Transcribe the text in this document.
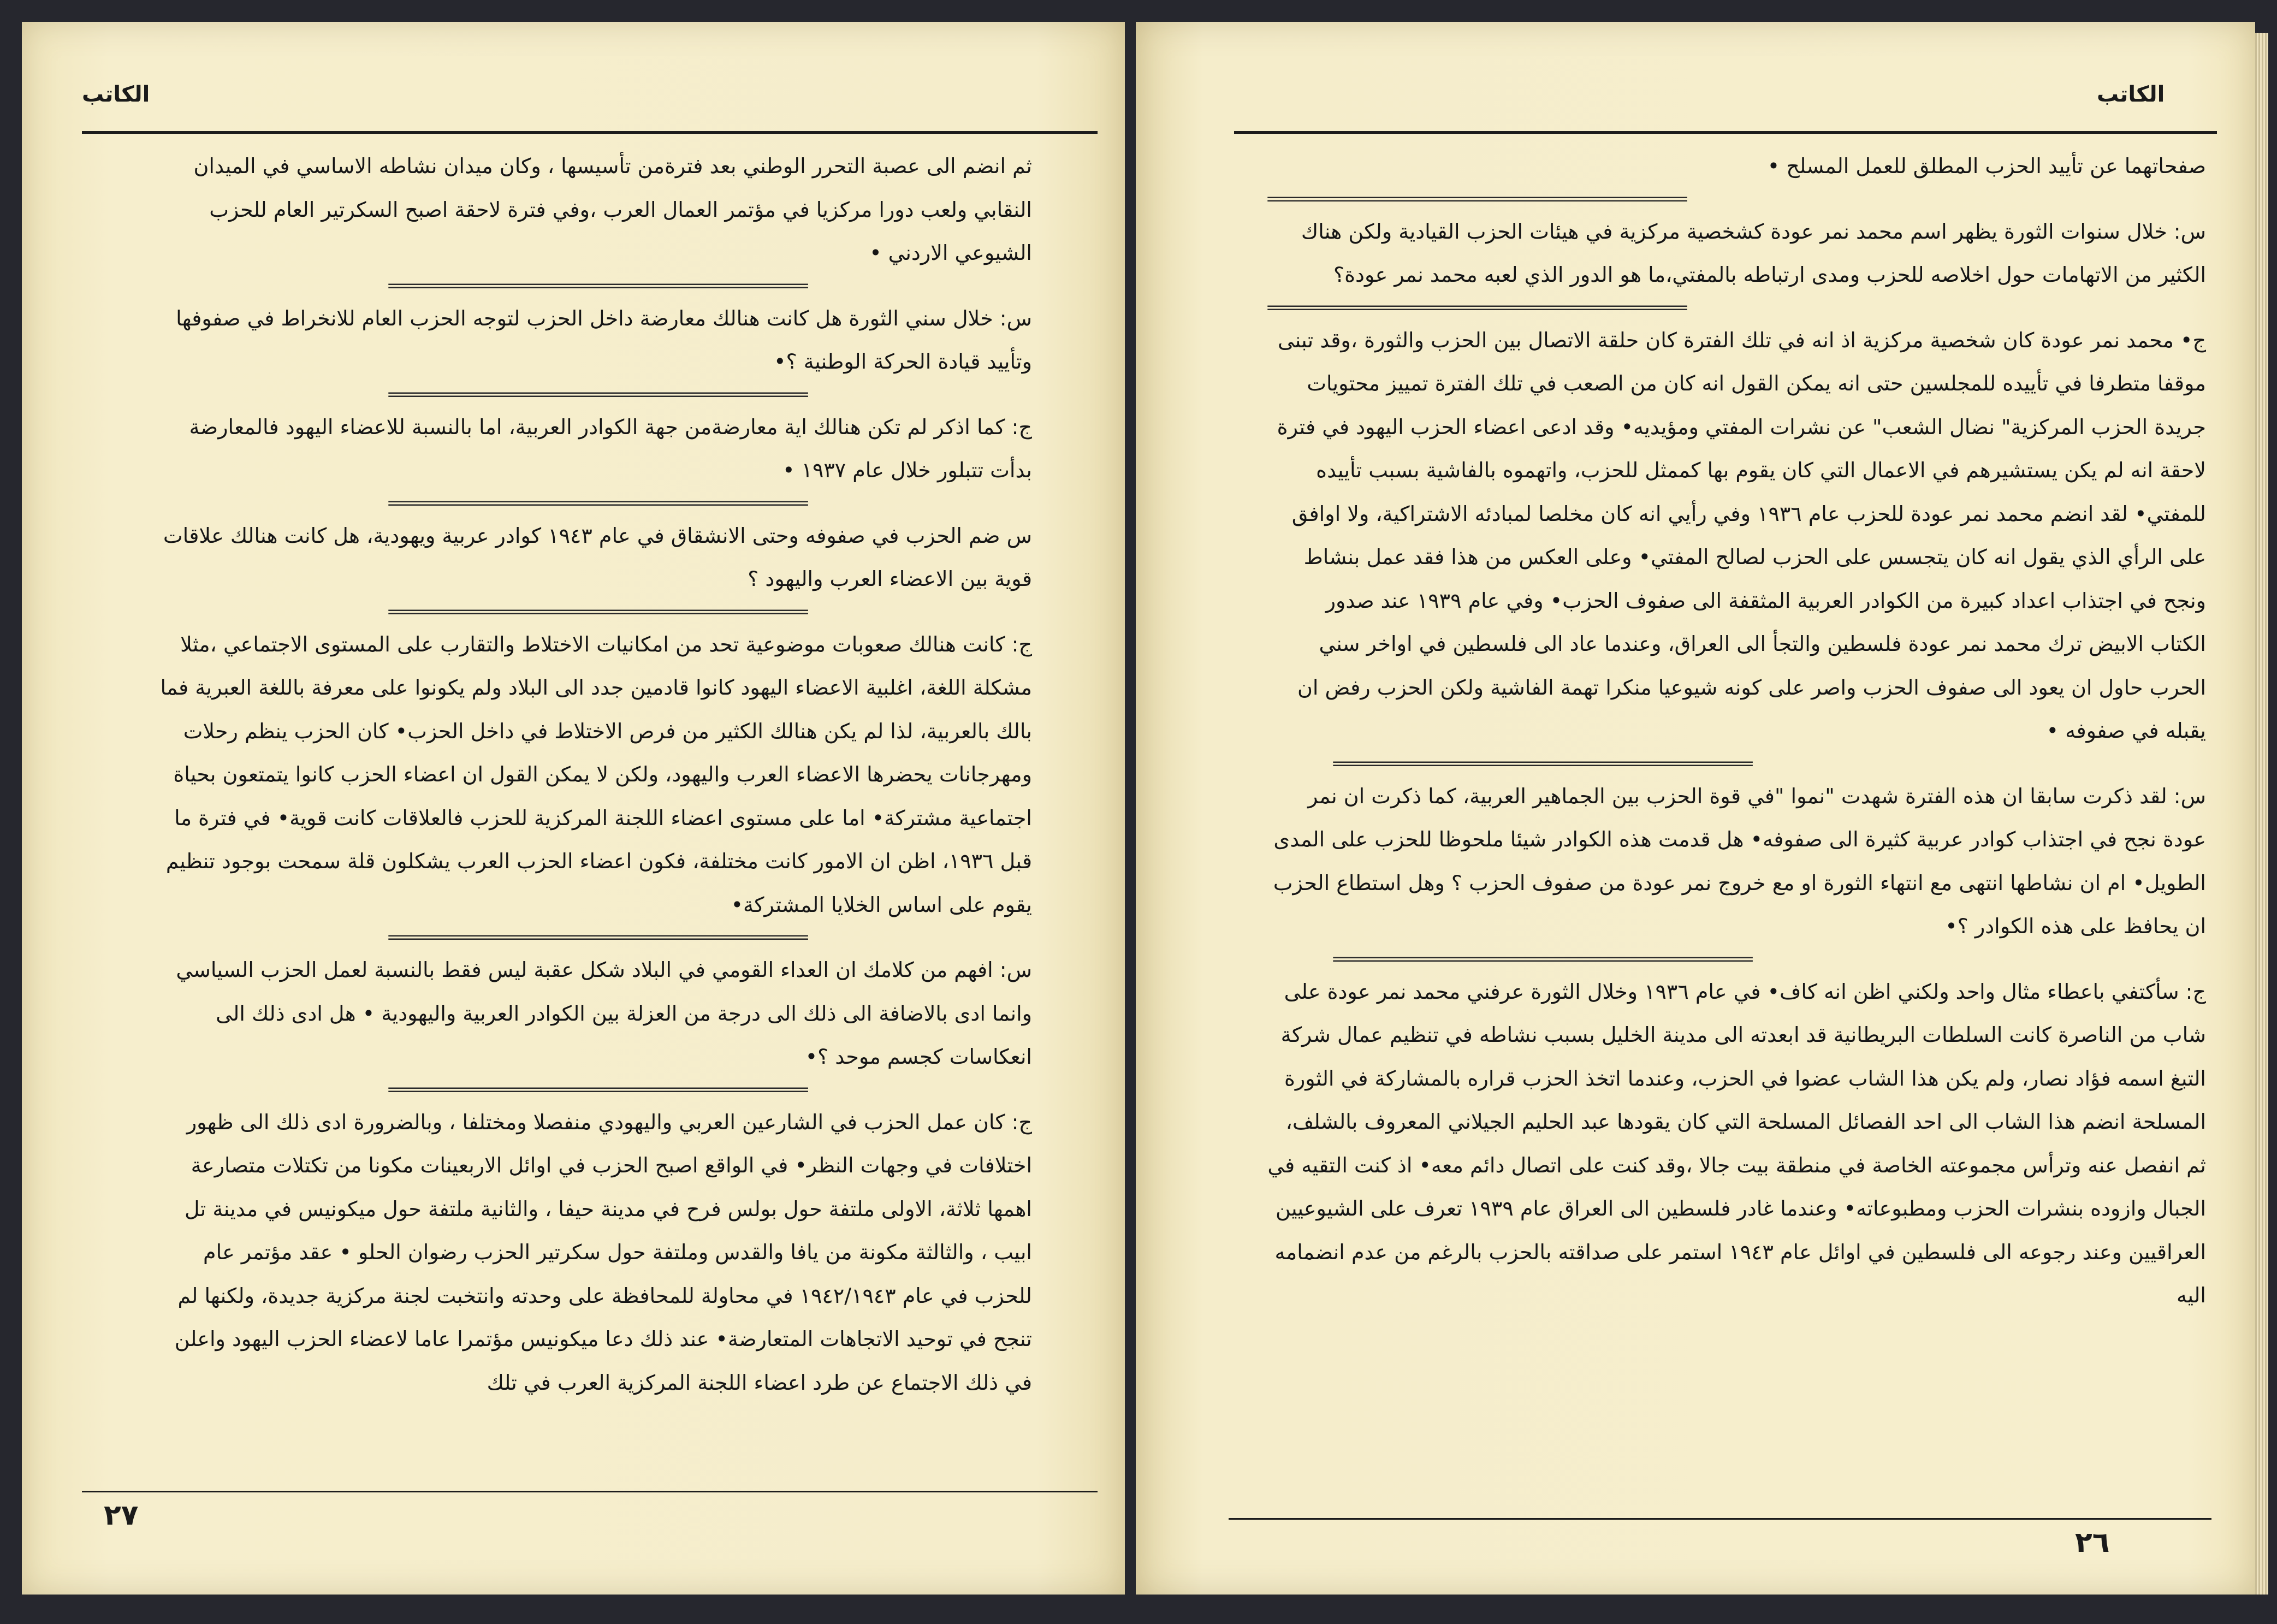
الكاتب

ثم انضم الى عصبة التحرر الوطني بعد فترةمن تأسيسها ، وكان ميدان نشاطه الاساسي في الميدان النقابي ولعب دورا مركزيا في مؤتمر العمال العرب ،وفي فترة لاحقة اصبح السكرتير العام للحزب الشيوعي الاردني •

===================================================

س: خلال سني الثورة هل كانت هنالك معارضة داخل الحزب لتوجه الحزب العام للانخراط في صفوفها وتأييد قيادة الحركة الوطنية ؟•

===================================================

ج: كما اذكر لم تكن هنالك اية معارضةمن جهة الكوادر العربية، اما بالنسبة للاعضاء اليهود فالمعارضة بدأت تتبلور خلال عام ١٩٣٧ •

===================================================

س ضم الحزب في صفوفه وحتى الانشقاق في عام ١٩٤٣ كوادر عربية ويهودية، هل كانت هنالك علاقات قوية بين الاعضاء العرب واليهود ؟

===================================================

ج: كانت هنالك صعوبات موضوعية تحد من امكانيات الاختلاط والتقارب على المستوى الاجتماعي ،مثلا مشكلة اللغة، اغلبية الاعضاء اليهود كانوا قادمين جدد الى البلاد ولم يكونوا على معرفة باللغة العبرية فما بالك بالعربية، لذا لم يكن هنالك الكثير من فرص الاختلاط في داخل الحزب• كان الحزب ينظم رحلات ومهرجانات يحضرها الاعضاء العرب واليهود، ولكن لا يمكن القول ان اعضاء الحزب كانوا يتمتعون بحياة اجتماعية مشتركة• اما على مستوى اعضاء اللجنة المركزية للحزب فالعلاقات كانت قوية• في فترة ما قبل ١٩٣٦، اظن ان الامور كانت مختلفة، فكون اعضاء الحزب العرب يشكلون قلة سمحت بوجود تنظيم يقوم على اساس الخلايا المشتركة•

===================================================

س: افهم من كلامك ان العداء القومي في البلاد شكل عقبة ليس فقط بالنسبة لعمل الحزب السياسي وانما ادى بالاضافة الى ذلك الى درجة من العزلة بين الكوادر العربية واليهودية • هل ادى ذلك الى انعكاسات كجسم موحد ؟•

===================================================

ج: كان عمل الحزب في الشارعين العربي واليهودي منفصلا ومختلفا ، وبالضرورة ادى ذلك الى ظهور اختلافات في وجهات النظر• في الواقع اصبح الحزب في اوائل الاربعينات مكونا من تكتلات متصارعة اهمها ثلاثة، الاولى ملتفة حول بولس فرح في مدينة حيفا ، والثانية ملتفة حول ميكونيس في مدينة تل ابيب ، والثالثة مكونة من يافا والقدس وملتفة حول سكرتير الحزب رضوان الحلو • عقد مؤتمر عام للحزب في عام ١٩٤٢/١٩٤٣ في محاولة للمحافظة على وحدته وانتخبت لجنة مركزية جديدة، ولكنها لم تنجح في توحيد الاتجاهات المتعارضة• عند ذلك دعا ميكونيس مؤتمرا عاما لاعضاء الحزب اليهود واعلن في ذلك الاجتماع عن طرد اعضاء اللجنة المركزية العرب في تلك

٢٧
الكاتب

صفحاتهما عن تأييد الحزب المطلق للعمل المسلح •

===================================================

س: خلال سنوات الثورة يظهر اسم محمد نمر عودة كشخصية مركزية في هيئات الحزب القيادية ولكن هناك الكثير من الاتهامات حول اخلاصه للحزب ومدى ارتباطه بالمفتي،ما هو الدور الذي لعبه محمد نمر عودة؟

===================================================

ج• محمد نمر عودة كان شخصية مركزية اذ انه في تلك الفترة كان حلقة الاتصال بين الحزب والثورة ،وقد تبنى موقفا متطرفا في تأييده للمجلسين حتى انه يمكن القول انه كان من الصعب في تلك الفترة تمييز محتويات جريدة الحزب المركزية" نضال الشعب" عن نشرات المفتي ومؤيديه• وقد ادعى اعضاء الحزب اليهود في فترة لاحقة انه لم يكن يستشيرهم في الاعمال التي كان يقوم بها كممثل للحزب، واتهموه بالفاشية بسبب تأييده للمفتي• لقد انضم محمد نمر عودة للحزب عام ١٩٣٦ وفي رأيي انه كان مخلصا لمبادئه الاشتراكية، ولا اوافق على الرأي الذي يقول انه كان يتجسس على الحزب لصالح المفتي• وعلى العكس من هذا فقد عمل بنشاط ونجح في اجتذاب اعداد كبيرة من الكوادر العربية المثقفة الى صفوف الحزب• وفي عام ١٩٣٩ عند صدور الكتاب الابيض ترك محمد نمر عودة فلسطين والتجأ الى العراق، وعندما عاد الى فلسطين في اواخر سني الحرب حاول ان يعود الى صفوف الحزب واصر على كونه شيوعيا منكرا تهمة الفاشية ولكن الحزب رفض ان يقبله في صفوفه •

===================================================

س: لقد ذكرت سابقا ان هذه الفترة شهدت "نموا "في قوة الحزب بين الجماهير العربية، كما ذكرت ان نمر عودة نجح في اجتذاب كوادر عربية كثيرة الى صفوفه• هل قدمت هذه الكوادر شيئا ملحوظا للحزب على المدى الطويل• ام ان نشاطها انتهى مع انتهاء الثورة او مع خروج نمر عودة من صفوف الحزب ؟ وهل استطاع الحزب ان يحافظ على هذه الكوادر ؟•

===================================================

ج: سأكتفي باعطاء مثال واحد ولكني اظن انه كاف• في عام ١٩٣٦ وخلال الثورة عرفني محمد نمر عودة على شاب من الناصرة كانت السلطات البريطانية قد ابعدته الى مدينة الخليل بسبب نشاطه في تنظيم عمال شركة التبغ اسمه فؤاد نصار، ولم يكن هذا الشاب عضوا في الحزب، وعندما اتخذ الحزب قراره بالمشاركة في الثورة المسلحة انضم هذا الشاب الى احد الفصائل المسلحة التي كان يقودها عبد الحليم الجيلاني المعروف بالشلف، ثم انفصل عنه وترأس مجموعته الخاصة في منطقة بيت جالا ،وقد كنت على اتصال دائم معه• اذ كنت التقيه في الجبال وازوده بنشرات الحزب ومطبوعاته• وعندما غادر فلسطين الى العراق عام ١٩٣٩ تعرف على الشيوعيين العراقيين وعند رجوعه الى فلسطين في اوائل عام ١٩٤٣ استمر على صداقته بالحزب بالرغم من عدم انضمامه اليه

٢٦
